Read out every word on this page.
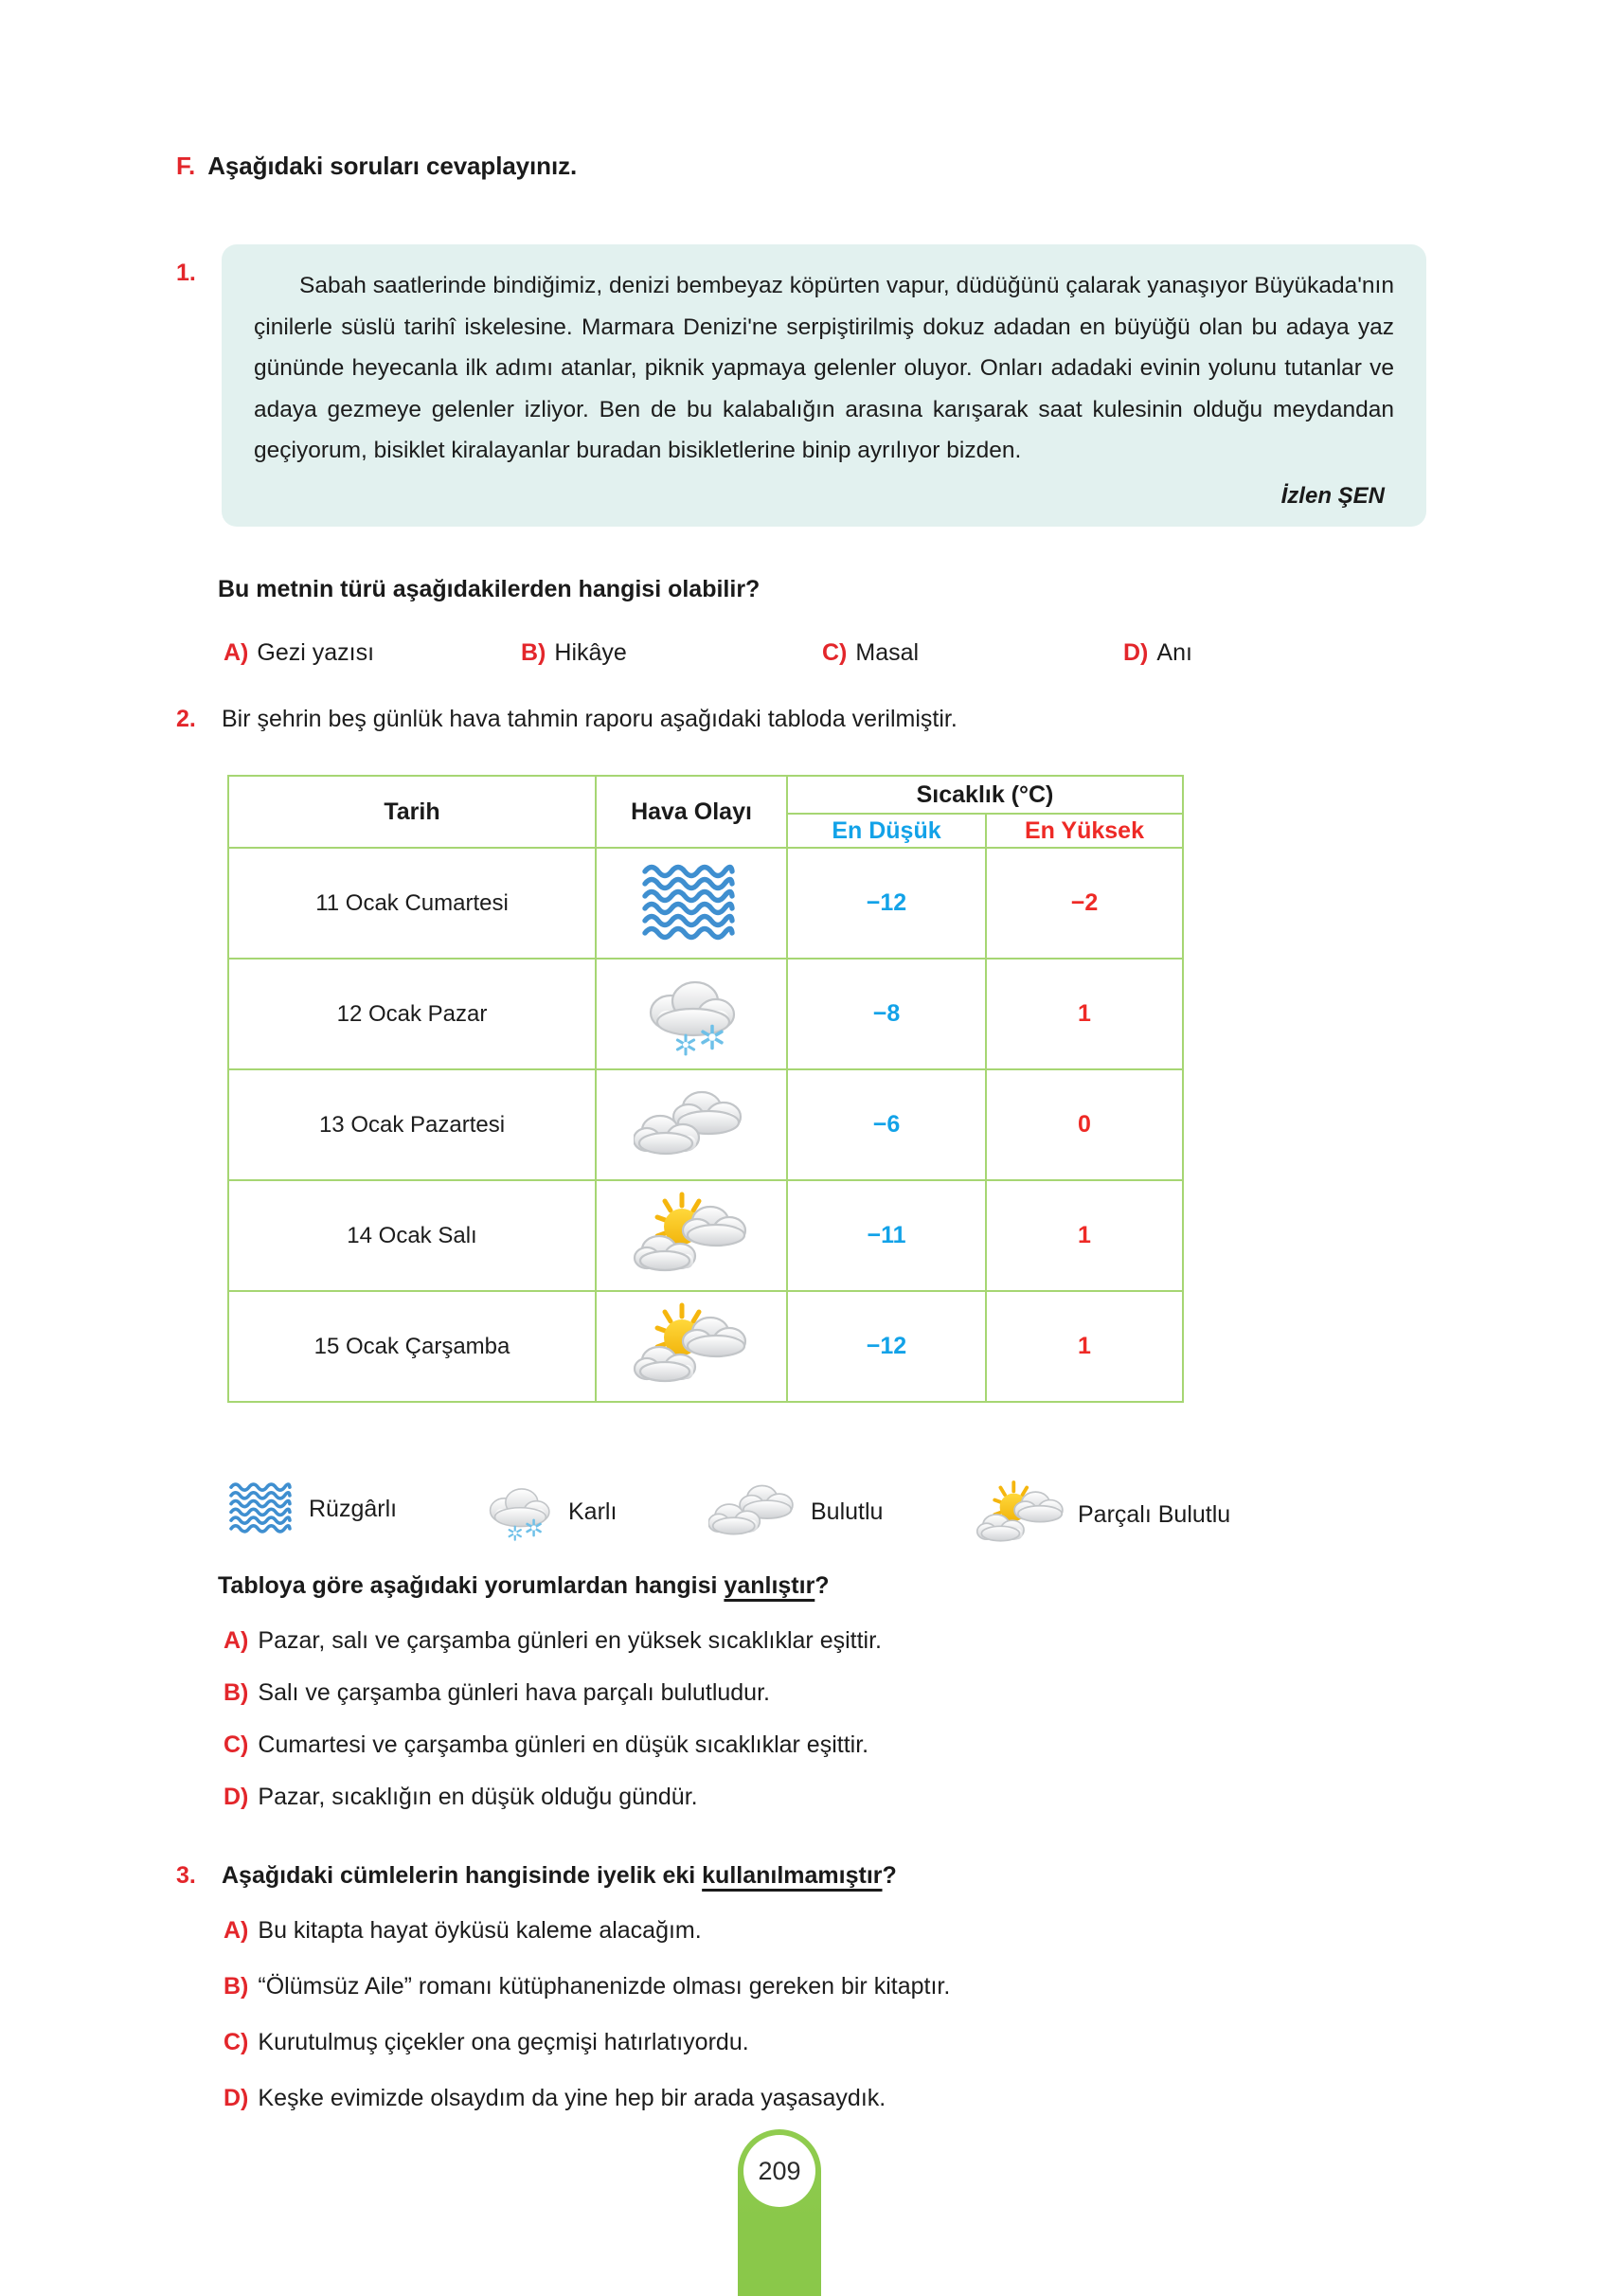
F. Aşağıdaki soruları cevaplayınız.
1.	Sabah saatlerinde bindiğimiz, denizi bembeyaz köpürten vapur, düdüğünü çalarak yanaşıyor Büyükada'nın çinilerle süslü tarihî iskelesine. Marmara Denizi'ne serpiştirilmiş dokuz adadan en büyüğü olan bu adaya yaz gününde heyecanla ilk adımı atanlar, piknik yapmaya gelenler oluyor. Onları adadaki evinin yolunu tutanlar ve adaya gezmeye gelenler izliyor. Ben de bu kalabalığın arasına karışarak saat kulesinin olduğu meydandan geçiyorum, bisiklet kiralayanlar buradan bisikletlerine binip ayrılıyor bizden.
İzlen ŞEN
Bu metnin türü aşağıdakilerden hangisi olabilir?
A) Gezi yazısı	B) Hikâye	C) Masal	D) Anı
2.	Bir şehrin beş günlük hava tahmin raporu aşağıdaki tabloda verilmiştir.
Tarih	Hava Olayı	Sıcaklık (°C)	
		En Düşük	En Yüksek
11 Ocak Cumartesi		−12	−2
12 Ocak Pazar		−8	1
13 Ocak Pazartesi		−6	0
14 Ocak Salı		−11	1
15 Ocak Çarşamba		−12	1
Rüzgârlı	Karlı	Bulutlu	Parçalı Bulutlu
Tabloya göre aşağıdaki yorumlardan hangisi yanlıştır?
A) Pazar, salı ve çarşamba günleri en yüksek sıcaklıklar eşittir.
B) Salı ve çarşamba günleri hava parçalı bulutludur.
C) Cumartesi ve çarşamba günleri en düşük sıcaklıklar eşittir.
D) Pazar, sıcaklığın en düşük olduğu gündür.
3.	Aşağıdaki cümlelerin hangisinde iyelik eki kullanılmamıştır?
A) Bu kitapta hayat öyküsü kaleme alacağım.
B) “Ölümsüz Aile” romanı kütüphanenizde olması gereken bir kitaptır.
C) Kurutulmuş çiçekler ona geçmişi hatırlatıyordu.
D) Keşke evimizde olsaydım da yine hep bir arada yaşasaydık.
209
